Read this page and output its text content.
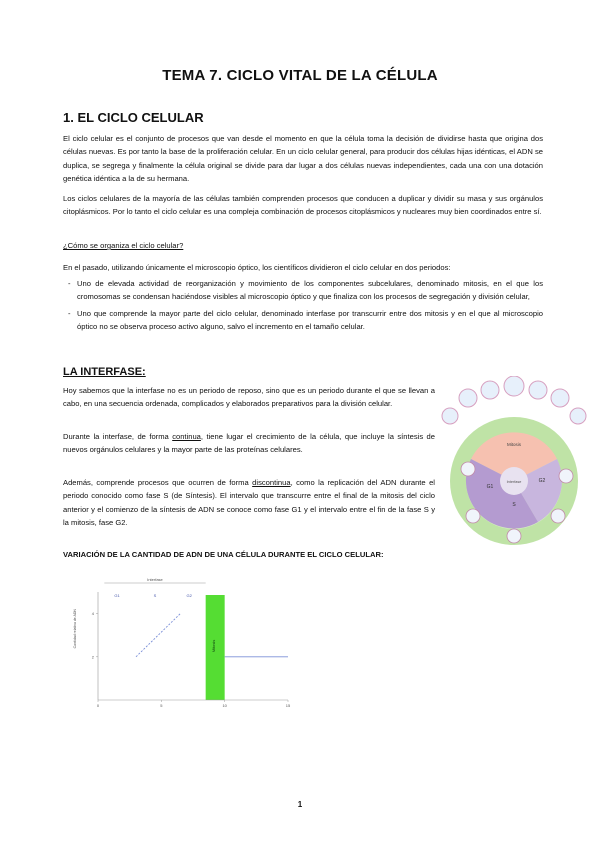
TEMA 7. CICLO VITAL DE LA CÉLULA
1. EL CICLO CELULAR
El ciclo celular es el conjunto de procesos que van desde el momento en que la célula toma la decisión de dividirse hasta que origina dos células nuevas. Es por tanto la base de la proliferación celular. En un ciclo celular general, para producir dos células hijas idénticas, el ADN se duplica, se segrega y finalmente la célula original se divide para dar lugar a dos células nuevas independientes, cada una con una dotación genética idéntica a la de su hermana.
Los ciclos celulares de la mayoría de las células también comprenden procesos que conducen a duplicar y dividir su masa y sus orgánulos citoplásmicos. Por lo tanto el ciclo celular es una compleja combinación de procesos citoplásmicos y nucleares muy bien coordinados entre sí.
¿Cómo se organiza el ciclo celular?
En el pasado, utilizando únicamente el microscopio óptico, los científicos dividieron el ciclo celular en dos periodos:
- Uno de elevada actividad de reorganización y movimiento de los componentes subcelulares, denominado mitosis, en el que los cromosomas se condensan haciéndose visibles al microscopio óptico y que finaliza con los procesos de segregación y división celular,
- Uno que comprende la mayor parte del ciclo celular, denominado interfase por transcurrir entre dos mitosis y en el que al microscopio óptico no se observa proceso activo alguno, salvo el incremento en el tamaño celular.
LA INTERFASE:
Hoy sabemos que la interfase no es un periodo de reposo, sino que es un periodo durante el que se llevan a cabo, en una secuencia ordenada, complicados y elaborados preparativos para la división celular.
Durante la interfase, de forma continua, tiene lugar el crecimiento de la célula, que incluye la síntesis de nuevos orgánulos celulares y la mayor parte de las proteínas celulares.
Además, comprende procesos que ocurren de forma discontinua, como la replicación del ADN durante el periodo conocido como fase S (de Síntesis). El intervalo que transcurre entre el final de la mitosis del ciclo anterior y el comienzo de la síntesis de ADN se conoce como fase G1 y el intervalo entre el fin de la fase S y la mitosis, fase G2.
Mitosis
G2
G1
S
Interfase
VARIACIÓN DE LA CANTIDAD DE ADN DE UNA CÉLULA DURANTE EL CICLO CELULAR:
Mitosis
Interfase
Cantidad relativa de ADN
G1	S	G2
2
4
0	5	10	15
1
